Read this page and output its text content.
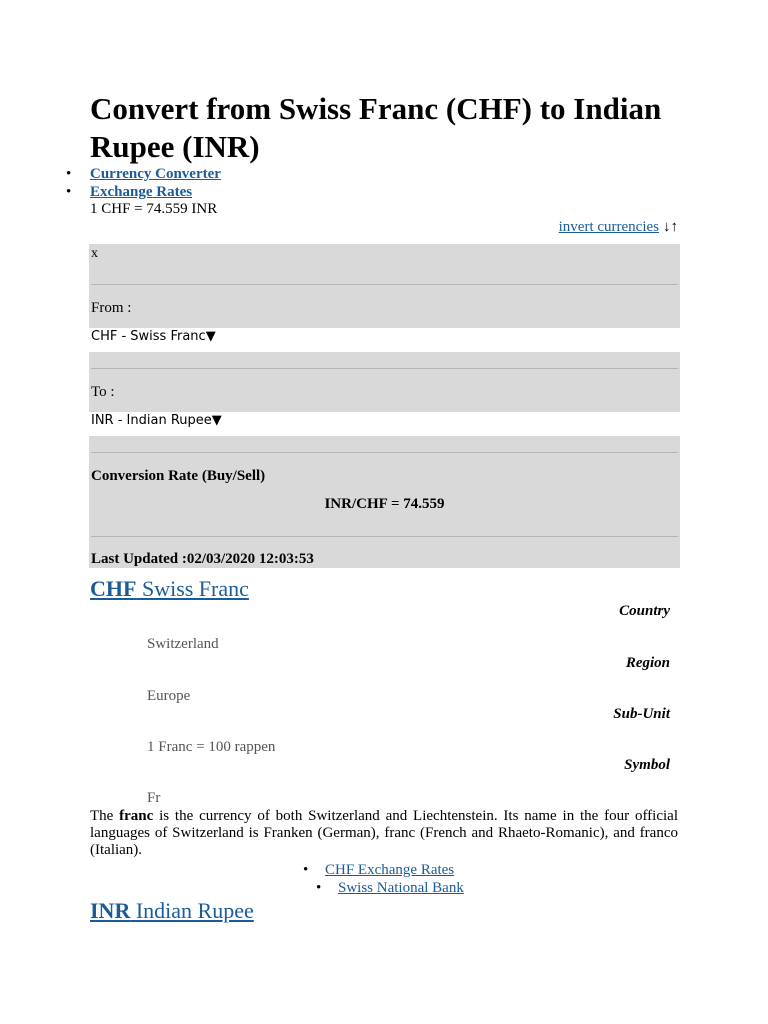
Convert from Swiss Franc (CHF) to Indian Rupee (INR)
• Currency Converter
• Exchange Rates
1 CHF = 74.559 INR
invert currencies ↓↑
x
From :
CHF - Swiss Franc▼
To :
INR - Indian Rupee▼
Conversion Rate (Buy/Sell)
INR/CHF = 74.559
Last Updated :02/03/2020 12:03:53
CHF Swiss Franc
Country
Switzerland
Region
Europe
Sub-Unit
1 Franc = 100 rappen
Symbol
Fr
The franc is the currency of both Switzerland and Liechtenstein. Its name in the four official languages of Switzerland is Franken (German), franc (French and Rhaeto-Romanic), and franco (Italian).
• CHF Exchange Rates
• Swiss National Bank
INR Indian Rupee
